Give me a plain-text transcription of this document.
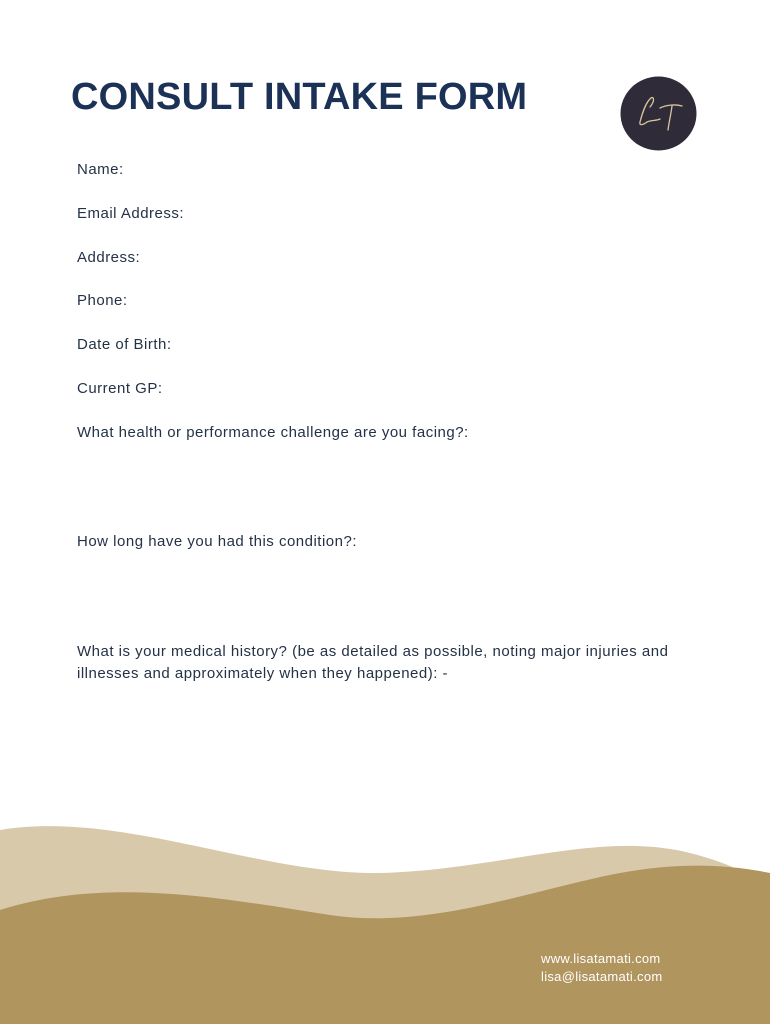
CONSULT INTAKE FORM

Name:

Email Address:

Address:

Phone:

Date of Birth:

Current GP:

What health or performance challenge are you facing?:

How long have you had this condition?:

What is your medical history? (be as detailed as possible, noting major injuries and illnesses and approximately when they happened): -

www.lisatamati.com
lisa@lisatamati.com
